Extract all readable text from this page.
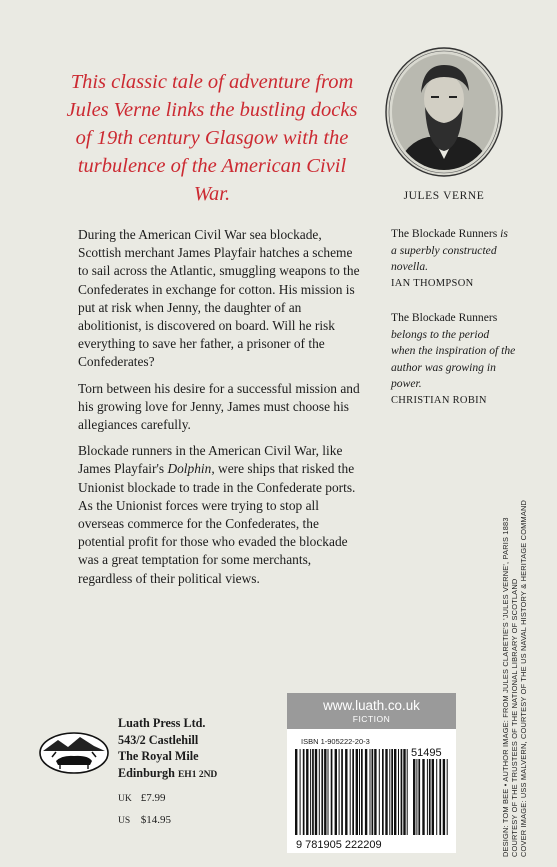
This classic tale of adventure from Jules Verne links the bustling docks of 19th century Glasgow with the turbulence of the American Civil War.	JULES VERNE

During the American Civil War sea blockade, Scottish merchant James Playfair hatches a scheme to sail across the Atlantic, smuggling weapons to the Confederates in exchange for cotton. His mission is put at risk when Jenny, the daughter of an abolitionist, is discovered on board. Will he risk everything to save her father, a prisoner of the Confederates?

Torn between his desire for a successful mission and his growing love for Jenny, James must choose his allegiances carefully.

Blockade runners in the American Civil War, like James Playfair's Dolphin, were ships that risked the Unionist blockade to trade in the Confederate ports. As the Unionist forces were trying to stop all overseas commerce for the Confederates, the potential profit for those who evaded the blockade was a great temptation for some merchants, regardless of their political views.

The Blockade Runners is a superbly constructed novella.
IAN THOMPSON
The Blockade Runners belongs to the period when the inspiration of the author was growing in power.
CHRISTIAN ROBIN
DESIGN: TOM BEE • AUTHOR IMAGE: FROM JULES CLARETIE'S 'JULES VERNE', PARIS 1883 COURTESY OF THE TRUSTEES OF THE NATIONAL LIBRARY OF SCOTLAND COVER IMAGE: USS MALVERN, COURTESY OF THE US NAVAL HISTORY & HERITAGE COMMAND
Luath Press Ltd.
543/2 Castlehill
The Royal Mile
Edinburgh EH1 2ND
UK £7.99
US $14.95
www.luath.co.uk
FICTION
ISBN 1-905222-20-3
9 781905 222209
51495
